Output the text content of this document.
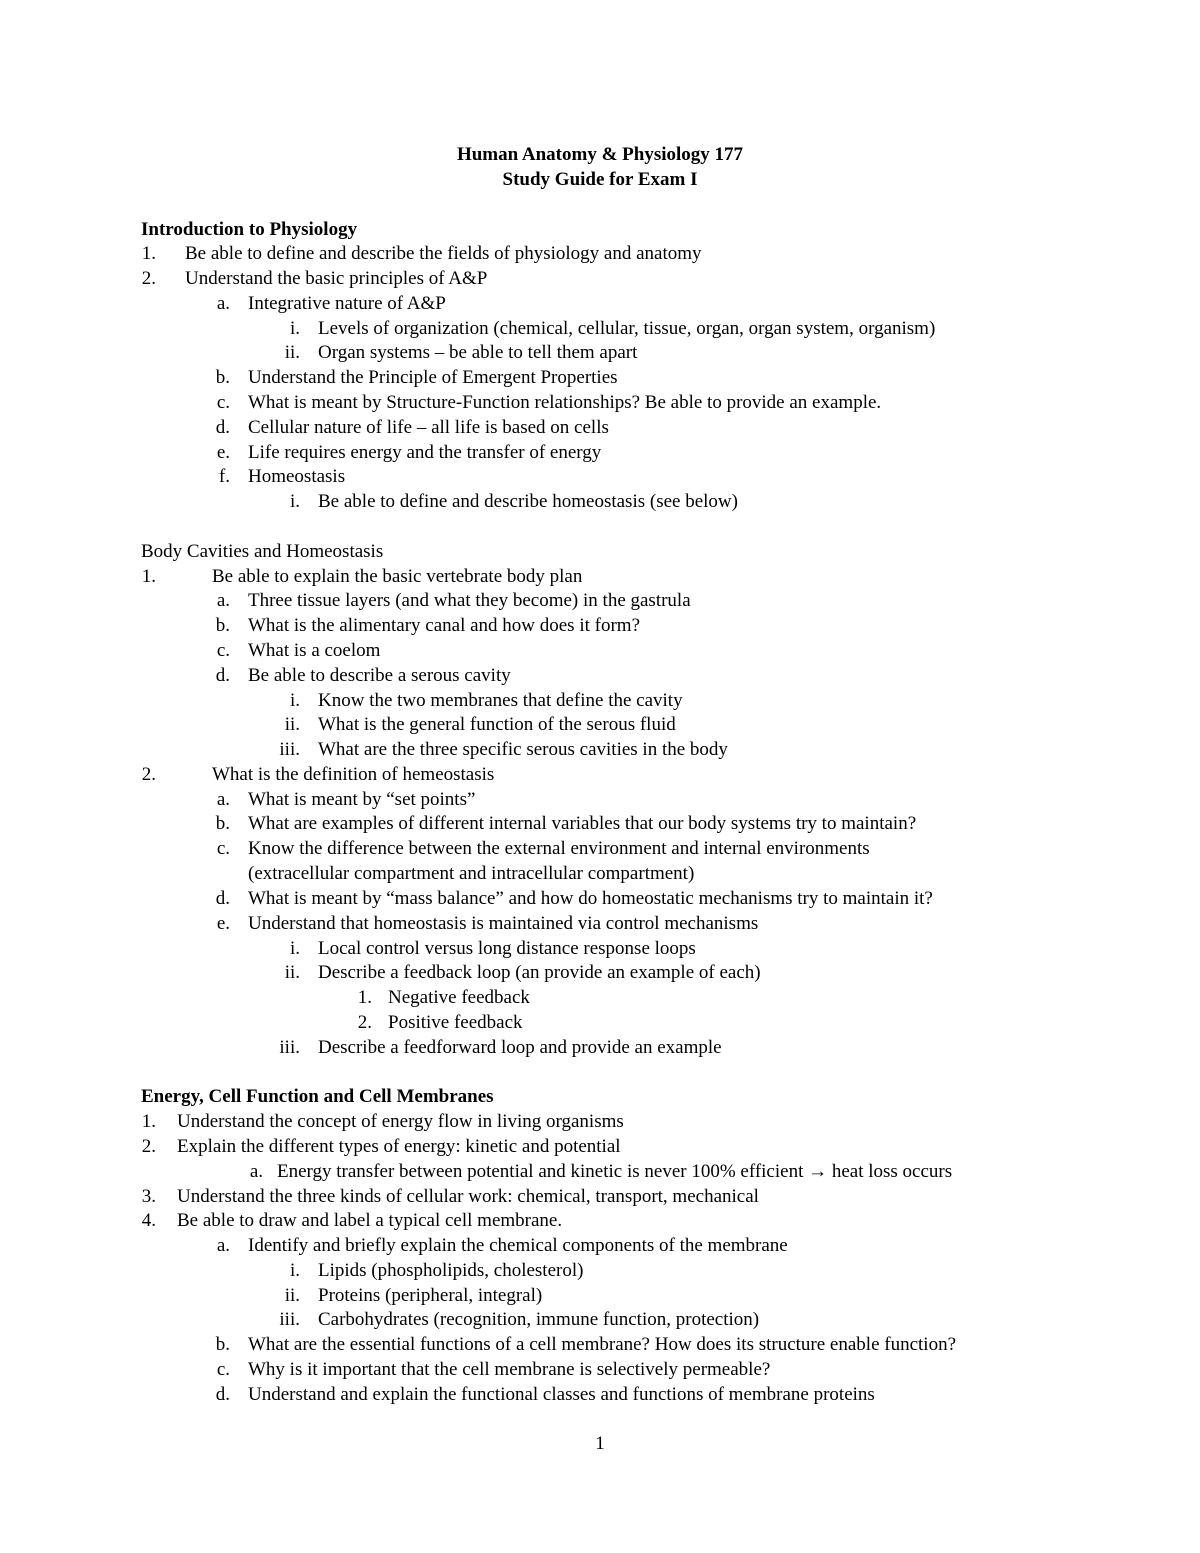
Human Anatomy & Physiology 177
Study Guide for Exam I
Introduction to Physiology
1. Be able to define and describe the fields of physiology and anatomy
2. Understand the basic principles of A&P
a. Integrative nature of A&P
i. Levels of organization (chemical, cellular, tissue, organ, organ system, organism)
ii. Organ systems – be able to tell them apart
b. Understand the Principle of Emergent Properties
c. What is meant by Structure-Function relationships? Be able to provide an example.
d. Cellular nature of life – all life is based on cells
e. Life requires energy and the transfer of energy
f. Homeostasis
i. Be able to define and describe homeostasis (see below)
Body Cavities and Homeostasis
1.	Be able to explain the basic vertebrate body plan
a. Three tissue layers (and what they become) in the gastrula
b. What is the alimentary canal and how does it form?
c. What is a coelom
d. Be able to describe a serous cavity
i. Know the two membranes that define the cavity
ii. What is the general function of the serous fluid
iii. What are the three specific serous cavities in the body
2.	What is the definition of hemeostasis
a. What is meant by “set points”
b. What are examples of different internal variables that our body systems try to maintain?
c. Know the difference between the external environment and internal environments
(extracellular compartment and intracellular compartment)
d. What is meant by “mass balance” and how do homeostatic mechanisms try to maintain it?
e. Understand that homeostasis is maintained via control mechanisms
i. Local control versus long distance response loops
ii. Describe a feedback loop (an provide an example of each)
1. Negative feedback
2. Positive feedback
iii. Describe a feedforward loop and provide an example
Energy, Cell Function and Cell Membranes
1. Understand the concept of energy flow in living organisms
2. Explain the different types of energy: kinetic and potential
a. Energy transfer between potential and kinetic is never 100% efficient → heat loss occurs
3. Understand the three kinds of cellular work: chemical, transport, mechanical
4. Be able to draw and label a typical cell membrane.
a. Identify and briefly explain the chemical components of the membrane
i. Lipids (phospholipids, cholesterol)
ii. Proteins (peripheral, integral)
iii. Carbohydrates (recognition, immune function, protection)
b. What are the essential functions of a cell membrane? How does its structure enable function?
c. Why is it important that the cell membrane is selectively permeable?
d. Understand and explain the functional classes and functions of membrane proteins
1
